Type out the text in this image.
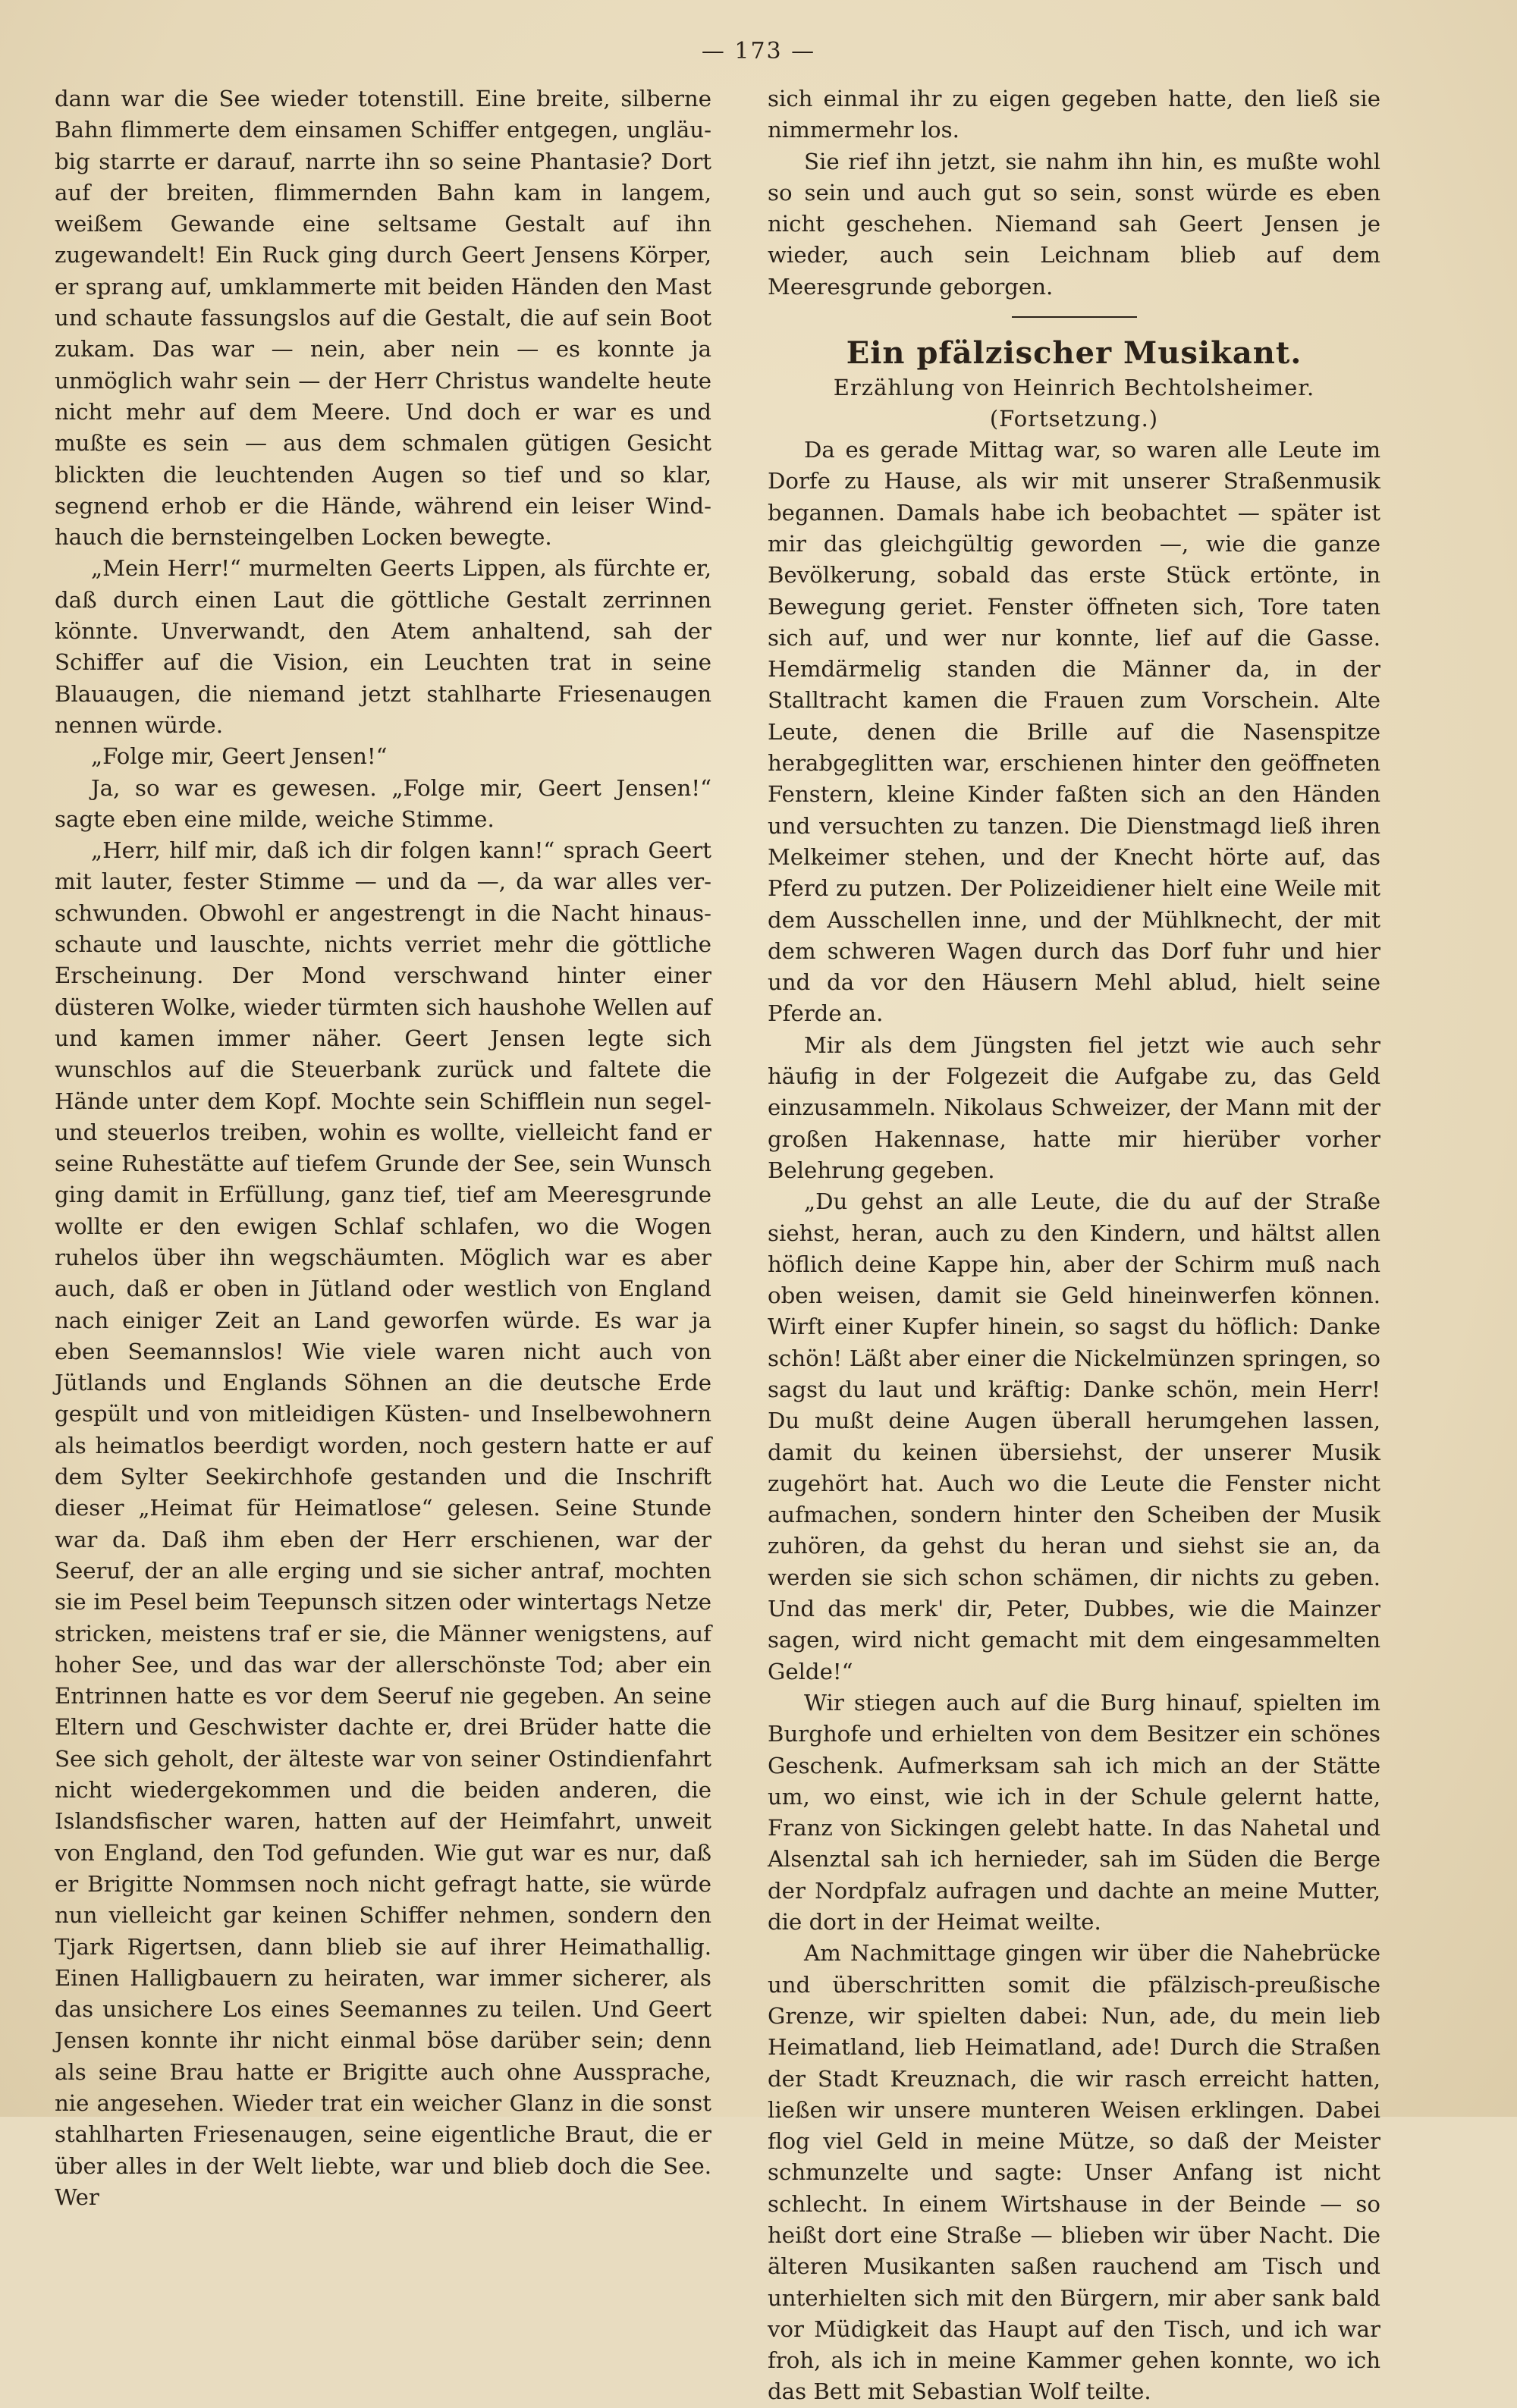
— 173 —

dann war die See wieder totenstill. Eine breite, silberne Bahn flimmerte dem einsamen Schiffer entgegen, ungläubig starrte er darauf, narrte ihn so seine Phantasie? Dort auf der breiten, flimmernden Bahn kam in langem, weißem Gewande eine seltsame Gestalt auf ihn zugewandelt! Ein Ruck ging durch Geert Jensens Körper, er sprang auf, umklammerte mit beiden Händen den Mast und schaute fassungslos auf die Gestalt, die auf sein Boot zukam. Das war — nein, aber nein — es konnte ja unmöglich wahr sein — der Herr Christus wandelte heute nicht mehr auf dem Meere. Und doch er war es und mußte es sein — aus dem schmalen gütigen Gesicht blickten die leuchtenden Augen so tief und so klar, segnend erhob er die Hände, während ein leiser Windhauch die bernsteingelben Locken bewegte.

„Mein Herr!“ murmelten Geerts Lippen, als fürchte er, daß durch einen Laut die göttliche Gestalt zerrinnen könnte. Unverwandt, den Atem anhaltend, sah der Schiffer auf die Vision, ein Leuchten trat in seine Blauaugen, die niemand jetzt stahlharte Friesenaugen nennen würde.

„Folge mir, Geert Jensen!“

Ja, so war es gewesen. „Folge mir, Geert Jensen!“ sagte eben eine milde, weiche Stimme.

„Herr, hilf mir, daß ich dir folgen kann!“ sprach Geert mit lauter, fester Stimme — und da —, da war alles verschwunden. Obwohl er angestrengt in die Nacht hinausschaute und lauschte, nichts verriet mehr die göttliche Erscheinung. Der Mond verschwand hinter einer düsteren Wolke, wieder türmten sich haushohe Wellen auf und kamen immer näher. Geert Jensen legte sich wunschlos auf die Steuerbank zurück und faltete die Hände unter dem Kopf. Mochte sein Schifflein nun segel- und steuerlos treiben, wohin es wollte, vielleicht fand er seine Ruhestätte auf tiefem Grunde der See, sein Wunsch ging damit in Erfüllung, ganz tief, tief am Meeresgrunde wollte er den ewigen Schlaf schlafen, wo die Wogen ruhelos über ihn wegschäumten. Möglich war es aber auch, daß er oben in Jütland oder westlich von England nach einiger Zeit an Land geworfen würde. Es war ja eben Seemannslos! Wie viele waren nicht auch von Jütlands und Englands Söhnen an die deutsche Erde gespült und von mitleidigen Küsten- und Inselbewohnern als heimatlos beerdigt worden, noch gestern hatte er auf dem Sylter Seekirchhofe gestanden und die Inschrift dieser „Heimat für Heimatlose“ gelesen. Seine Stunde war da. Daß ihm eben der Herr erschienen, war der Seeruf, der an alle erging und sie sicher antraf, mochten sie im Pesel beim Teepunsch sitzen oder wintertags Netze stricken, meistens traf er sie, die Männer wenigstens, auf hoher See, und das war der allerschönste Tod; aber ein Entrinnen hatte es vor dem Seeruf nie gegeben. An seine Eltern und Geschwister dachte er, drei Brüder hatte die See sich geholt, der älteste war von seiner Ostindienfahrt nicht wiedergekommen und die beiden anderen, die Islandsfischer waren, hatten auf der Heimfahrt, unweit von England, den Tod gefunden. Wie gut war es nur, daß er Brigitte Nommsen noch nicht gefragt hatte, sie würde nun vielleicht gar keinen Schiffer nehmen, sondern den Tjark Rigertsen, dann blieb sie auf ihrer Heimathallig. Einen Halligbauern zu heiraten, war immer sicherer, als das unsichere Los eines Seemannes zu teilen. Und Geert Jensen konnte ihr nicht einmal böse darüber sein; denn als seine Brau hatte er Brigitte auch ohne Aussprache, nie angesehen. Wieder trat ein weicher Glanz in die sonst stahlharten Friesenaugen, seine eigentliche Braut, die er über alles in der Welt liebte, war und blieb doch die See. Wer

sich einmal ihr zu eigen gegeben hatte, den ließ sie nimmermehr los.

Sie rief ihn jetzt, sie nahm ihn hin, es mußte wohl so sein und auch gut so sein, sonst würde es eben nicht geschehen. Niemand sah Geert Jensen je wieder, auch sein Leichnam blieb auf dem Meeresgrunde geborgen.

Ein pfälzischer Musikant.
Erzählung von Heinrich Bechtolsheimer.
(Fortsetzung.)

Da es gerade Mittag war, so waren alle Leute im Dorfe zu Hause, als wir mit unserer Straßenmusik begannen. Damals habe ich beobachtet — später ist mir das gleichgültig geworden —, wie die ganze Bevölkerung, sobald das erste Stück ertönte, in Bewegung geriet. Fenster öffneten sich, Tore taten sich auf, und wer nur konnte, lief auf die Gasse. Hemdärmelig standen die Männer da, in der Stalltracht kamen die Frauen zum Vorschein. Alte Leute, denen die Brille auf die Nasenspitze herabgeglitten war, erschienen hinter den geöffneten Fenstern, kleine Kinder faßten sich an den Händen und versuchten zu tanzen. Die Dienstmagd ließ ihren Melkeimer stehen, und der Knecht hörte auf, das Pferd zu putzen. Der Polizeidiener hielt eine Weile mit dem Ausschellen inne, und der Mühlknecht, der mit dem schweren Wagen durch das Dorf fuhr und hier und da vor den Häusern Mehl ablud, hielt seine Pferde an.

Mir als dem Jüngsten fiel jetzt wie auch sehr häufig in der Folgezeit die Aufgabe zu, das Geld einzusammeln. Nikolaus Schweizer, der Mann mit der großen Hakennase, hatte mir hierüber vorher Belehrung gegeben.

„Du gehst an alle Leute, die du auf der Straße siehst, heran, auch zu den Kindern, und hältst allen höflich deine Kappe hin, aber der Schirm muß nach oben weisen, damit sie Geld hineinwerfen können. Wirft einer Kupfer hinein, so sagst du höflich: Danke schön! Läßt aber einer die Nickelmünzen springen, so sagst du laut und kräftig: Danke schön, mein Herr! Du mußt deine Augen überall herumgehen lassen, damit du keinen übersiehst, der unserer Musik zugehört hat. Auch wo die Leute die Fenster nicht aufmachen, sondern hinter den Scheiben der Musik zuhören, da gehst du heran und siehst sie an, da werden sie sich schon schämen, dir nichts zu geben. Und das merk' dir, Peter, Dubbes, wie die Mainzer sagen, wird nicht gemacht mit dem eingesammelten Gelde!“

Wir stiegen auch auf die Burg hinauf, spielten im Burghofe und erhielten von dem Besitzer ein schönes Geschenk. Aufmerksam sah ich mich an der Stätte um, wo einst, wie ich in der Schule gelernt hatte, Franz von Sickingen gelebt hatte. In das Nahetal und Alsenztal sah ich hernieder, sah im Süden die Berge der Nordpfalz aufragen und dachte an meine Mutter, die dort in der Heimat weilte.

Am Nachmittage gingen wir über die Nahebrücke und überschritten somit die pfälzisch-preußische Grenze, wir spielten dabei: Nun, ade, du mein lieb Heimatland, lieb Heimatland, ade! Durch die Straßen der Stadt Kreuznach, die wir rasch erreicht hatten, ließen wir unsere munteren Weisen erklingen. Dabei flog viel Geld in meine Mütze, so daß der Meister schmunzelte und sagte: Unser Anfang ist nicht schlecht. In einem Wirtshause in der Beinde — so heißt dort eine Straße — blieben wir über Nacht. Die älteren Musikanten saßen rauchend am Tisch und unterhielten sich mit den Bürgern, mir aber sank bald vor Müdigkeit das Haupt auf den Tisch, und ich war froh, als ich in meine Kammer gehen konnte, wo ich das Bett mit Sebastian Wolf teilte.
